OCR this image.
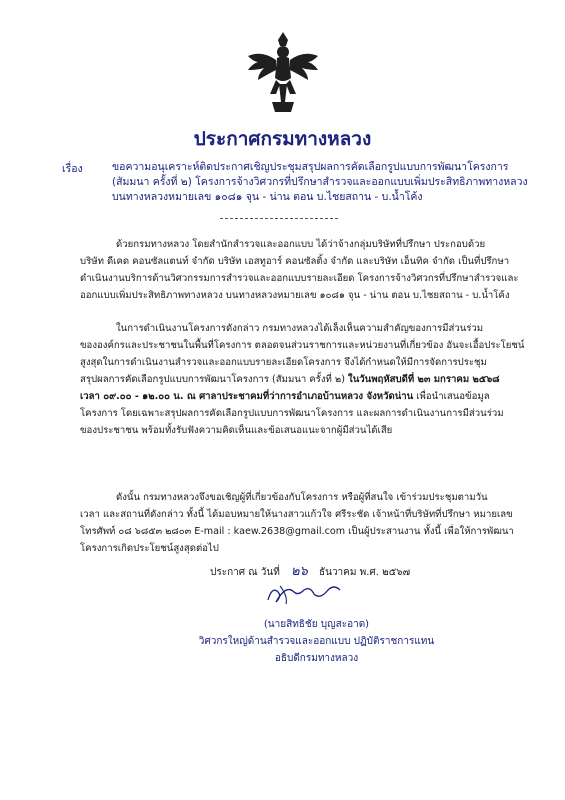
ประกาศกรมทางหลวง
เรื่อง	ขอความอนุเคราะห์ติดประกาศเชิญประชุมสรุปผลการคัดเลือกรูปแบบการพัฒนาโครงการ
(สัมมนา ครั้งที่ ๒) โครงการจ้างวิศวกรที่ปรึกษาสำรวจและออกแบบเพิ่มประสิทธิภาพทางหลวง
บนทางหลวงหมายเลข ๑๐๘๑ จุน - น่าน ตอน บ.ไชยสถาน - บ.น้ำโค้ง
ด้วยกรมทางหลวง โดยสำนักสำรวจและออกแบบ ได้ว่าจ้างกลุ่มบริษัทที่ปรึกษา ประกอบด้วย
บริษัท ดีเคด คอนซัลแตนท์ จำกัด บริษัท เอสทูอาร์ คอนซัลติ้ง จำกัด และบริษัท เอ็นทิค จำกัด เป็นที่ปรึกษา
ดำเนินงานบริการด้านวิศวกรรมการสำรวจและออกแบบรายละเอียด โครงการจ้างวิศวกรที่ปรึกษาสำรวจและ
ออกแบบเพิ่มประสิทธิภาพทางหลวง บนทางหลวงหมายเลข ๑๐๘๑ จุน - น่าน ตอน บ.ไชยสถาน - บ.น้ำโค้ง
ในการดำเนินงานโครงการดังกล่าว กรมทางหลวงได้เล็งเห็นความสำคัญของการมีส่วนร่วม
ขององค์กรและประชาชนในพื้นที่โครงการ ตลอดจนส่วนราชการและหน่วยงานที่เกี่ยวข้อง อันจะเอื้อประโยชน์
สูงสุดในการดำเนินงานสำรวจและออกแบบรายละเอียดโครงการ จึงได้กำหนดให้มีการจัดการประชุม
สรุปผลการคัดเลือกรูปแบบการพัฒนาโครงการ (สัมมนา ครั้งที่ ๒) ในวันพฤหัสบดีที่ ๒๓ มกราคม ๒๕๖๘
เวลา ๐๙.๐๐ - ๑๒.๐๐ น. ณ ศาลาประชาคมที่ว่าการอำเภอบ้านหลวง จังหวัดน่าน เพื่อนำเสนอข้อมูล
โครงการ โดยเฉพาะสรุปผลการคัดเลือกรูปแบบการพัฒนาโครงการ และผลการดำเนินงานการมีส่วนร่วม
ของประชาชน พร้อมทั้งรับฟังความคิดเห็นและข้อเสนอแนะจากผู้มีส่วนได้เสีย
ดังนั้น กรมทางหลวงจึงขอเชิญผู้ที่เกี่ยวข้องกับโครงการ หรือผู้ที่สนใจ เข้าร่วมประชุมตามวัน
เวลา และสถานที่ดังกล่าว ทั้งนี้ ได้มอบหมายให้นางสาวแก้วใจ ศรีระชัด เจ้าหน้าที่บริษัทที่ปรึกษา หมายเลข
โทรศัพท์ ๐๘ ๖๘๕๓ ๒๘๐๓ E-mail : kaew.2638@gmail.com เป็นผู้ประสานงาน ทั้งนี้ เพื่อให้การพัฒนา
โครงการเกิดประโยชน์สูงสุดต่อไป
ประกาศ ณ วันที่ ๒๖ ธันวาคม พ.ศ. ๒๕๖๗
(นายสิทธิชัย บุญสะอาด)
วิศวกรใหญ่ด้านสำรวจและออกแบบ ปฏิบัติราชการแทน
อธิบดีกรมทางหลวง
